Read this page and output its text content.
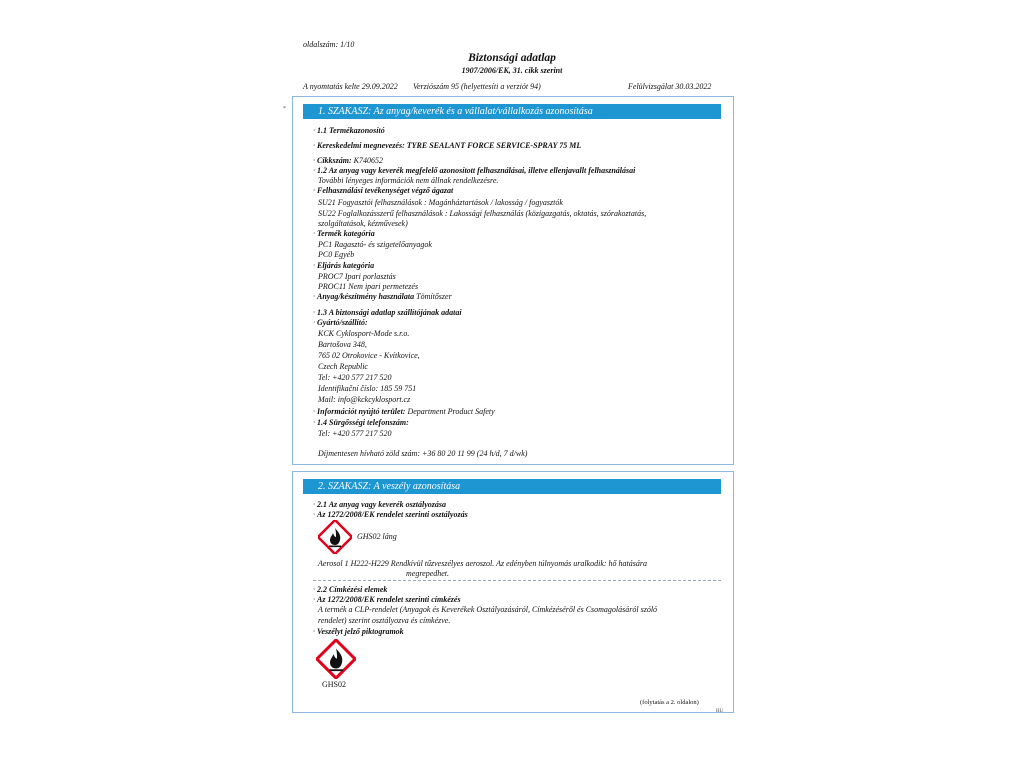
oldalszám: 1/10
Biztonsági adatlap
1907/2006/EK, 31. cikk szerint
A nyomtatás kelte 29.09.2022 Verziószám 95 (helyettesíti a verziót 94)	Felülvizsgálat 30.03.2022
*	1. SZAKASZ: Az anyag/keverék és a vállalat/vállalkozás azonosítása
· 1.1 Termékazonosító
· Kereskedelmi megnevezés: TYRE SEALANT FORCE SERVICE-SPRAY 75 ML
· Cikkszám: K740652
· 1.2 Az anyag vagy keverék megfelelő azonosított felhasználásai, illetve ellenjavallt felhasználásai
További lényeges információk nem állnak rendelkezésre.
· Felhasználási tevékenységet végző ágazat
SU21 Fogyasztói felhasználások : Magánháztartások / lakosság / fogyasztók
SU22 Foglalkozásszerű felhasználások : Lakossági felhasználás (közigazgatás, oktatás, szórakoztatás,
szolgáltatások, kézművesek)
· Termék kategória
PC1 Ragasztó- és szigetelőanyagok
PC0 Egyéb
· Eljárás kategória
PROC7 Ipari porlasztás
PROC11 Nem ipari permetezés
· Anyag/készítmény használata Tömítőszer
· 1.3 A biztonsági adatlap szállítójának adatai
· Gyártó/szállító:
KCK Cyklosport-Mode s.r.o.
Bartošova 348,
765 02 Otrokovice - Kvítkovice,
Czech Republic
Tel: +420 577 217 520
Identifikační číslo: 185 59 751
Mail: info@kckcyklosport.cz
· Információt nyújtó terület: Department Product Safety
· 1.4 Sürgősségi telefonszám:
Tel: +420 577 217 520
Díjmentesen hívható zöld szám: +36 80 20 11 99 (24 h/d, 7 d/wk)
2. SZAKASZ: A veszély azonosítása
· 2.1 Az anyag vagy keverék osztályozása
· Az 1272/2008/EK rendelet szerinti osztályozás
GHS02 láng
Aerosol 1 H222-H229 Rendkívül tűzveszélyes aeroszol. Az edényben túlnyomás uralkodik: hő hatására
megrepedhet.
· 2.2 Címkézési elemek
· Az 1272/2008/EK rendelet szerinti címkézés
A termék a CLP-rendelet (Anyagok és Keverékek Osztályozásáról, Címkézéséről és Csomagolásáról szóló
rendelet) szerint osztályozva és címkézve.
· Veszélyt jelző piktogramok
GHS02
(folytatás a 2. oldalon)
HU
